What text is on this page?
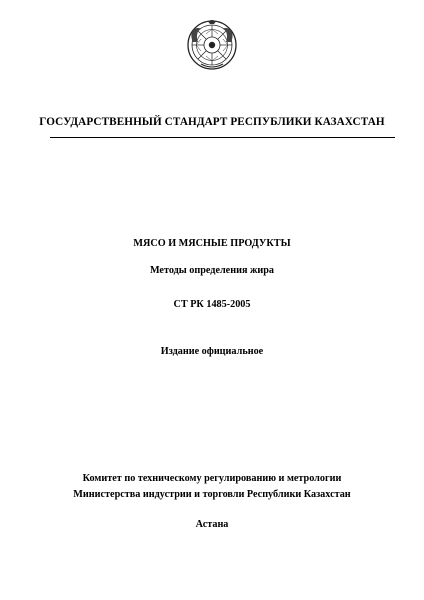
ГОСУДАРСТВЕННЫЙ СТАНДАРТ РЕСПУБЛИКИ КАЗАХСТАН
МЯСО И МЯСНЫЕ ПРОДУКТЫ
Методы определения жира
СТ РК 1485-2005
Издание официальное
Комитет по техническому регулированию и метрологии
Министерства индустрии и торговли Республики Казахстан
Астана
